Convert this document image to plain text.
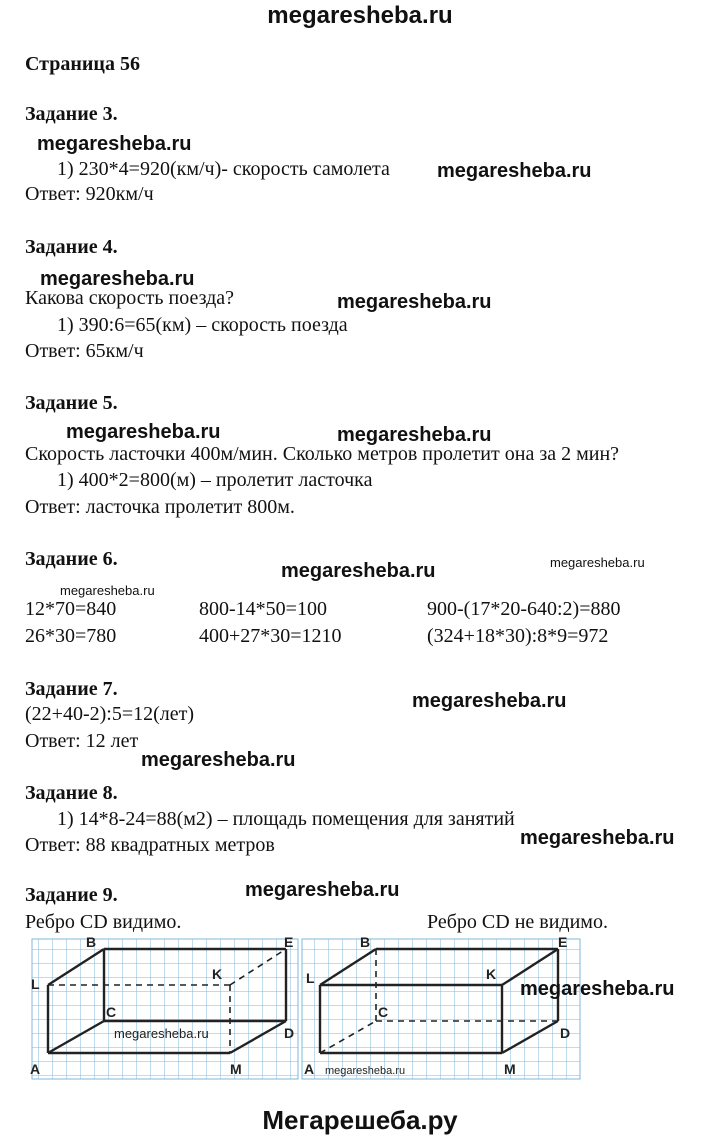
megaresheba.ru
Страница 56
Задание 3.
megaresheba.ru
1) 230*4=920(км/ч)- скорость самолета megaresheba.ru
Ответ: 920км/ч
Задание 4.
megaresheba.ru
Какова скорость поезда?	megaresheba.ru
1) 390:6=65(км) – скорость поезда
Ответ: 65км/ч
Задание 5.
megaresheba.ru	megaresheba.ru
Скорость ласточки 400м/мин. Сколько метров пролетит она за 2 мин?
1) 400*2=800(м) – пролетит ласточка
Ответ: ласточка пролетит 800м.
Задание 6.
megaresheba.ru	megaresheba.ru
megaresheba.ru
12*70=840	800-14*50=100	900-(17*20-640:2)=880
26*30=780	400+27*30=1210	(324+18*30):8*9=972
Задание 7.
megaresheba.ru
(22+40-2):5=12(лет)
Ответ: 12 лет
megaresheba.ru
Задание 8.
1) 14*8-24=88(м2) – площадь помещения для занятий
megaresheba.ru
Ответ: 88 квадратных метров
Задание 9.	megaresheba.ru
Ребро CD видимо.	Ребро CD не видимо.
B	E
L
K
C
D
A	M
megaresheba.ru
B	E
L	K
C
D
A	M
megaresheba.ru
megaresheba.ru
Мегарешеба.ру
